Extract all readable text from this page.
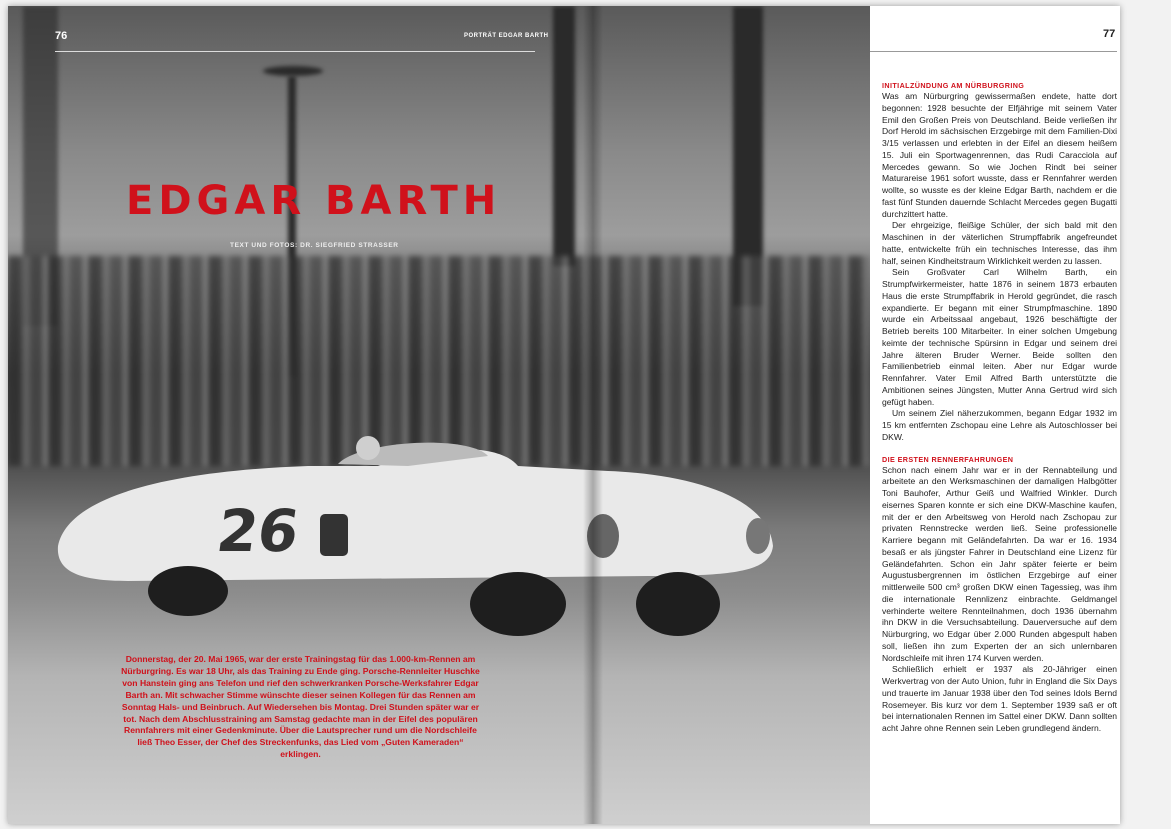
26
76	PORTRÄT EDGAR BARTH
EDGAR BARTH
TEXT UND FOTOS: DR. SIEGFRIED STRASSER
Donnerstag, der 20. Mai 1965, war der erste Trainingstag für das 1.000-km-Rennen am Nürburgring. Es war 18 Uhr, als das Training zu Ende ging. Porsche-Rennleiter Huschke von Hanstein ging ans Telefon und rief den schwerkranken Porsche-Werksfahrer Edgar Barth an. Mit schwacher Stimme wünschte dieser seinen Kollegen für das Rennen am Sonntag Hals- und Beinbruch. Auf Wiedersehen bis Montag. Drei Stunden später war er tot. Nach dem Abschlusstraining am Samstag gedachte man in der Eifel des populären Rennfahrers mit einer Gedenkminute. Über die Lautsprecher rund um die Nordschleife ließ Theo Esser, der Chef des Streckenfunks, das Lied vom „Guten Kameraden“ erklingen.
77
INITIALZÜNDUNG AM NÜRBURGRING

Was am Nürburgring gewissermaßen endete, hatte dort begonnen: 1928 besuchte der Elfjährige mit seinem Vater Emil den Großen Preis von Deutschland. Beide verließen ihr Dorf Herold im sächsischen Erzgebirge mit dem Familien-Dixi 3/15 verlassen und erlebten in der Eifel an diesem heißem 15. Juli ein Sportwagenrennen, das Rudi Caracciola auf Mercedes gewann. So wie Jochen Rindt bei seiner Maturareise 1961 sofort wusste, dass er Rennfahrer werden wollte, so wusste es der kleine Edgar Barth, nachdem er die fast fünf Stunden dauernde Schlacht Mercedes gegen Bugatti durchzittert hatte.

Der ehrgeizige, fleißige Schüler, der sich bald mit den Maschinen in der väterlichen Strumpffabrik angefreundet hatte, entwickelte früh ein technisches Interesse, das ihm half, seinen Kindheitstraum Wirklichkeit werden zu lassen.

Sein Großvater Carl Wilhelm Barth, ein Strumpfwirkermeister, hatte 1876 in seinem 1873 erbauten Haus die erste Strumpffabrik in Herold gegründet, die rasch expandierte. Er begann mit einer Strumpfmaschine. 1890 wurde ein Arbeitssaal angebaut, 1926 beschäftigte der Betrieb bereits 100 Mitarbeiter. In einer solchen Umgebung keimte der technische Spürsinn in Edgar und seinem drei Jahre älteren Bruder Werner. Beide sollten den Familienbetrieb einmal leiten. Aber nur Edgar wurde Rennfahrer. Vater Emil Alfred Barth unterstützte die Ambitionen seines Jüngsten, Mutter Anna Gertrud wird sich gefügt haben.

Um seinem Ziel näherzukommen, begann Edgar 1932 im 15 km entfernten Zschopau eine Lehre als Autoschlosser bei DKW.

DIE ERSTEN RENNERFAHRUNGEN

Schon nach einem Jahr war er in der Rennabteilung und arbeitete an den Werksmaschinen der damaligen Halbgötter Toni Bauhofer, Arthur Geiß und Walfried Winkler. Durch eisernes Sparen konnte er sich eine DKW-Maschine kaufen, mit der er den Arbeitsweg von Herold nach Zschopau zur privaten Rennstrecke werden ließ. Seine professionelle Karriere begann mit Geländefahrten. Da war er 16. 1934 besaß er als jüngster Fahrer in Deutschland eine Lizenz für Geländefahrten. Schon ein Jahr später feierte er beim Augustusbergrennen im östlichen Erzgebirge auf einer mittlerweile 500 cm³ großen DKW einen Tagessieg, was ihm die internationale Rennlizenz einbrachte. Geldmangel verhinderte weitere Rennteilnahmen, doch 1936 übernahm ihn DKW in die Versuchsabteilung. Dauerversuche auf dem Nürburgring, wo Edgar über 2.000 Runden abgespult haben soll, ließen ihn zum Experten der an sich unlernbaren Nordschleife mit ihren 174 Kurven werden.

Schließlich erhielt er 1937 als 20-Jähriger einen Werkvertrag von der Auto Union, fuhr in England die Six Days und trauerte im Januar 1938 über den Tod seines Idols Bernd Rosemeyer. Bis kurz vor dem 1. September 1939 saß er oft bei internationalen Rennen im Sattel einer DKW. Dann sollten acht Jahre ohne Rennen sein Leben grundlegend ändern.
